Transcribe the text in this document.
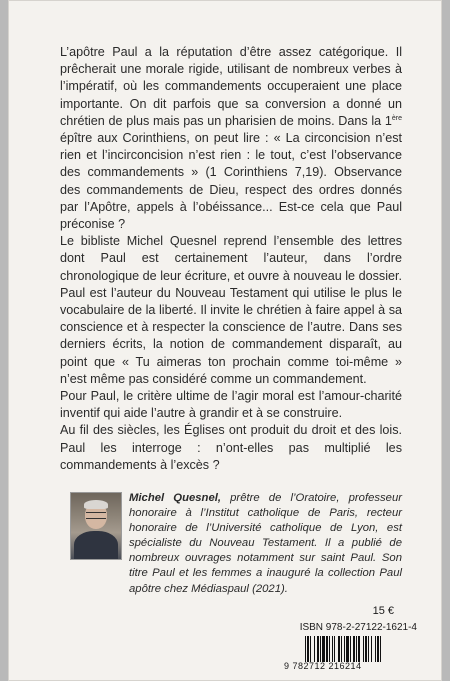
L’apôtre Paul a la réputation d’être assez catégorique. Il prêcherait une morale rigide, utilisant de nombreux verbes à l’impératif, où les commandements occuperaient une place importante. On dit parfois que sa conversion a donné un chrétien de plus mais pas un pharisien de moins. Dans la 1ère épître aux Corinthiens, on peut lire : « La circoncision n’est rien et l’incirconcision n’est rien : le tout, c’est l’observance des commandements » (1 Corinthiens 7,19). Observance des commandements de Dieu, respect des ordres donnés par l’Apôtre, appels à l’obéissance... Est-ce cela que Paul préconise ?

Le bibliste Michel Quesnel reprend l’ensemble des lettres dont Paul est certainement l’auteur, dans l’ordre chronologique de leur écriture, et ouvre à nouveau le dossier. Paul est l’auteur du Nouveau Testament qui utilise le plus le vocabulaire de la liberté. Il invite le chrétien à faire appel à sa conscience et à respecter la conscience de l’autre. Dans ses derniers écrits, la notion de commandement disparaît, au point que « Tu aimeras ton prochain comme toi-même » n’est même pas considéré comme un commandement.

Pour Paul, le critère ultime de l’agir moral est l’amour-charité inventif qui aide l’autre à grandir et à se construire.

Au fil des siècles, les Églises ont produit du droit et des lois. Paul les interroge : n’ont-elles pas multiplié les commandements à l’excès ?

Michel Quesnel, prêtre de l’Oratoire, professeur honoraire à l’Institut catholique de Paris, recteur honoraire de l’Université catholique de Lyon, est spécialiste du Nouveau Testament. Il a publié de nombreux ouvrages notamment sur saint Paul. Son titre Paul et les femmes a inauguré la collection Paul apôtre chez Médiaspaul (2021).
15 €
ISBN 978-2-27122-1621-4
9 782712 216214
